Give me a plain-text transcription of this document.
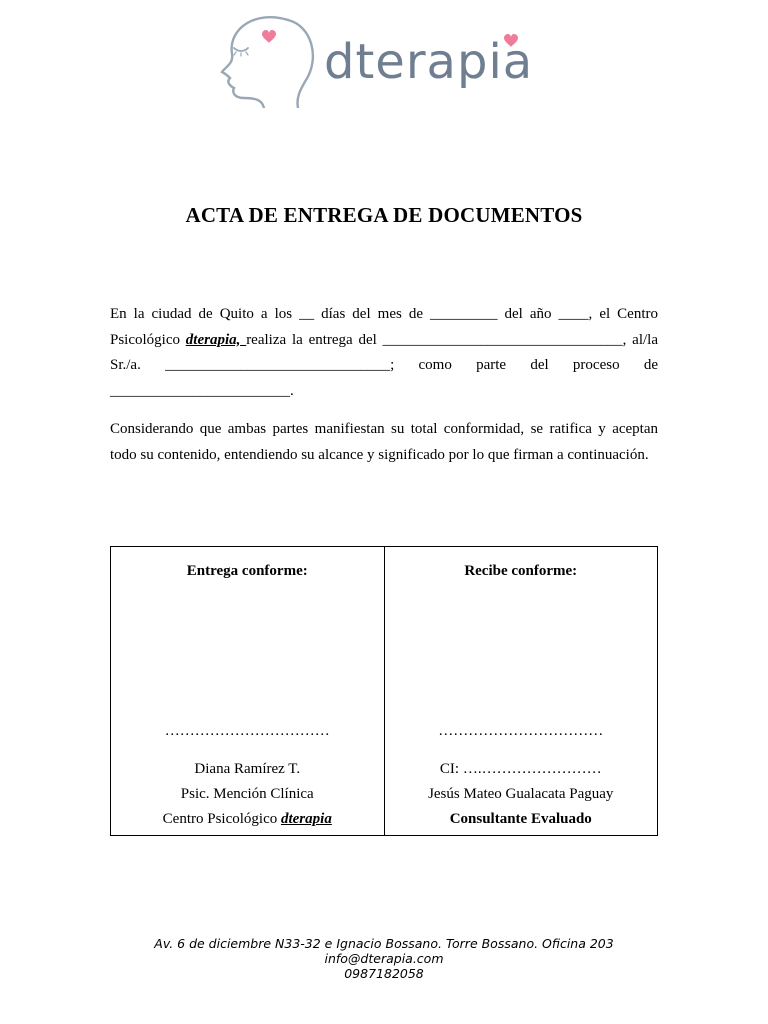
dterapia
ACTA DE ENTREGA DE DOCUMENTOS
En la ciudad de Quito a los __ días del mes de _________ del año ____, el Centro Psicológico dterapia, realiza la entrega del ________________________________, al/la Sr./a. ______________________________; como parte del proceso de ________________________.
Considerando que ambas partes manifiestan su total conformidad, se ratifica y aceptan todo su contenido, entendiendo su alcance y significado por lo que firman a continuación.
Entrega conforme:
……………………………
Diana Ramírez T.
Psic. Mención Clínica
Centro Psicológico dterapia
Recibe conforme:
……………………………
CI: ….……………………
Jesús Mateo Gualacata Paguay
Consultante Evaluado
Av. 6 de diciembre N33-32 e Ignacio Bossano. Torre Bossano. Oficina 203
info@dterapia.com
0987182058
